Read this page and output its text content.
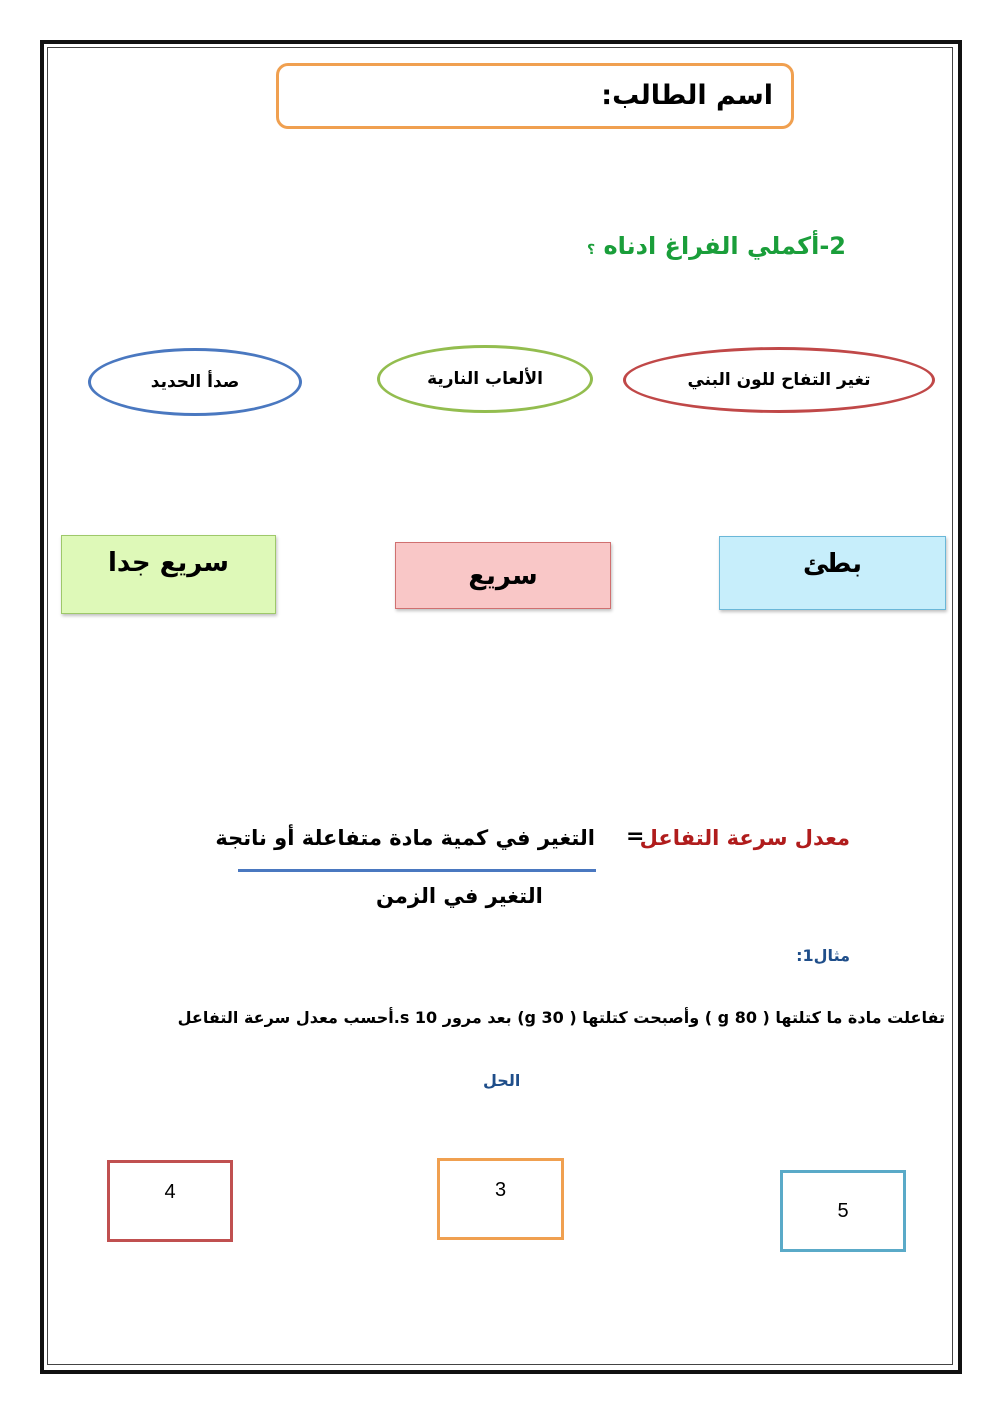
اسم الطالب:
2-أكملي الفراغ ادناه ؟
تغير التفاح للون البني
الألعاب النارية
صدأ الحديد
بطئ
سريع
سريع جدا
معدل سرعة التفاعل
=
التغير في كمية مادة متفاعلة أو ناتجة
التغير في الزمن
مثال1:
تفاعلت مادة ما كتلتها ( 80 g ) وأصبحت كتلتها ( 30 g) بعد مرور 10 s.أحسب معدل سرعة التفاعل
الحل
4	3
5
